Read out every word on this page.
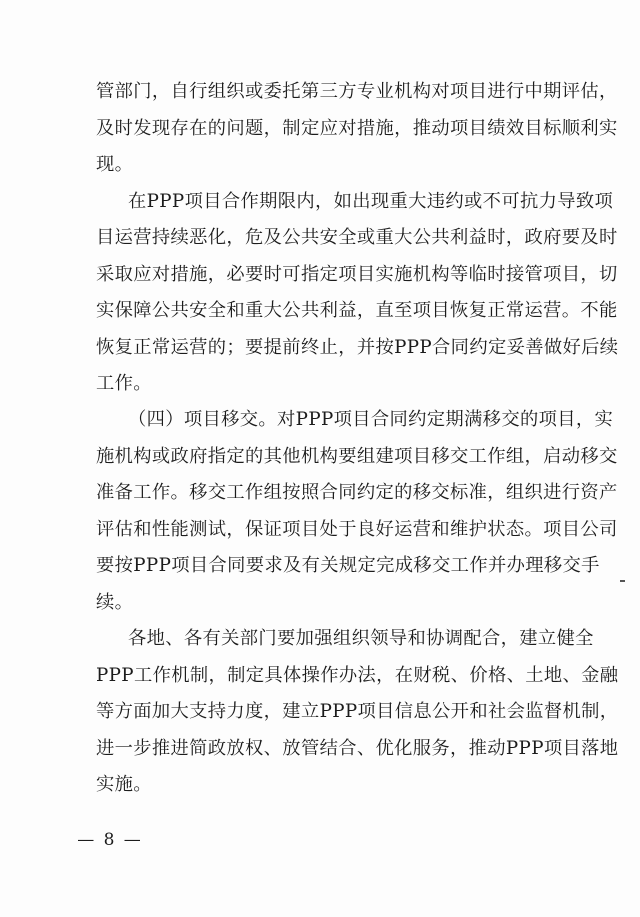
管部门，自行组织或委托第三方专业机构对项目进行中期评估，
及时发现存在的问题，制定应对措施，推动项目绩效目标顺利实
现。
在PPP项目合作期限内，如出现重大违约或不可抗力导致项
目运营持续恶化，危及公共安全或重大公共利益时，政府要及时
采取应对措施，必要时可指定项目实施机构等临时接管项目，切
实保障公共安全和重大公共利益，直至项目恢复正常运营。不能
恢复正常运营的；要提前终止，并按PPP合同约定妥善做好后续
工作。
（四）项目移交。对PPP项目合同约定期满移交的项目，实
施机构或政府指定的其他机构要组建项目移交工作组，启动移交
准备工作。移交工作组按照合同约定的移交标准，组织进行资产
评估和性能测试，保证项目处于良好运营和维护状态。项目公司
要按PPP项目合同要求及有关规定完成移交工作并办理移交手
续。
各地、各有关部门要加强组织领导和协调配合，建立健全
PPP工作机制，制定具体操作办法，在财税、价格、土地、金融
等方面加大支持力度，建立PPP项目信息公开和社会监督机制，
进一步推进简政放权、放管结合、优化服务，推动PPP项目落地
实施。
— 8 —
